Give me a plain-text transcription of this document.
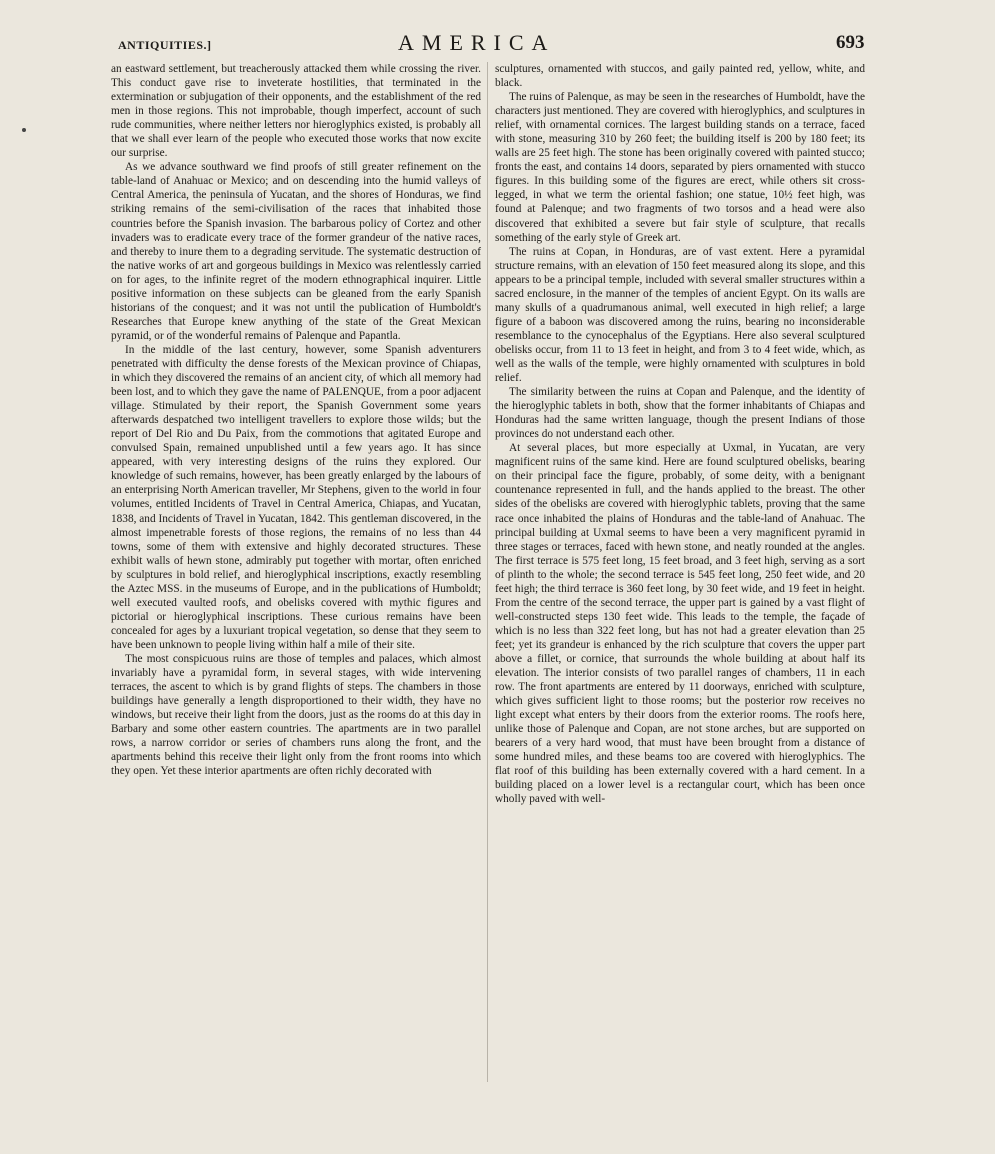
ANTIQUITIES.]	AMERICA	693

an eastward settlement, but treacherously attacked them while crossing the river. This conduct gave rise to inveterate hostilities, that terminated in the extermination or subjugation of their opponents, and the establishment of the red men in those regions. This not improbable, though imperfect, account of such rude communities, where neither letters nor hieroglyphics existed, is probably all that we shall ever learn of the people who executed those works that now excite our surprise.

As we advance southward we find proofs of still greater refinement on the table-land of Anahuac or Mexico; and on descending into the humid valleys of Central America, the peninsula of Yucatan, and the shores of Honduras, we find striking remains of the semi-civilisation of the races that inhabited those countries before the Spanish invasion. The barbarous policy of Cortez and other invaders was to eradicate every trace of the former grandeur of the native races, and thereby to inure them to a degrading servitude. The systematic destruction of the native works of art and gorgeous buildings in Mexico was relentlessly carried on for ages, to the infinite regret of the modern ethnographical inquirer. Little positive information on these subjects can be gleaned from the early Spanish historians of the conquest; and it was not until the publication of Humboldt's Researches that Europe knew anything of the state of the Great Mexican pyramid, or of the wonderful remains of Palenque and Papantla.

In the middle of the last century, however, some Spanish adventurers penetrated with difficulty the dense forests of the Mexican province of Chiapas, in which they discovered the remains of an ancient city, of which all memory had been lost, and to which they gave the name of PALENQUE, from a poor adjacent village. Stimulated by their report, the Spanish Government some years afterwards despatched two intelligent travellers to explore those wilds; but the report of Del Rio and Du Paix, from the commotions that agitated Europe and convulsed Spain, remained unpublished until a few years ago. It has since appeared, with very interesting designs of the ruins they explored. Our knowledge of such remains, however, has been greatly enlarged by the labours of an enterprising North American traveller, Mr Stephens, given to the world in four volumes, entitled Incidents of Travel in Central America, Chiapas, and Yucatan, 1838, and Incidents of Travel in Yucatan, 1842. This gentleman discovered, in the almost impenetrable forests of those regions, the remains of no less than 44 towns, some of them with extensive and highly decorated structures. These exhibit walls of hewn stone, admirably put together with mortar, often enriched by sculptures in bold relief, and hieroglyphical inscriptions, exactly resembling the Aztec MSS. in the museums of Europe, and in the publications of Humboldt; well executed vaulted roofs, and obelisks covered with mythic figures and pictorial or hieroglyphical inscriptions. These curious remains have been concealed for ages by a luxuriant tropical vegetation, so dense that they seem to have been unknown to people living within half a mile of their site.

The most conspicuous ruins are those of temples and palaces, which almost invariably have a pyramidal form, in several stages, with wide intervening terraces, the ascent to which is by grand flights of steps. The chambers in those buildings have generally a length disproportioned to their width, they have no windows, but receive their light from the doors, just as the rooms do at this day in Barbary and some other eastern countries. The apartments are in two parallel rows, a narrow corridor or series of chambers runs along the front, and the apartments behind this receive their light only from the front rooms into which they open. Yet these interior apartments are often richly decorated with

sculptures, ornamented with stuccos, and gaily painted red, yellow, white, and black.

The ruins of Palenque, as may be seen in the researches of Humboldt, have the characters just mentioned. They are covered with hieroglyphics, and sculptures in relief, with ornamental cornices. The largest building stands on a terrace, faced with stone, measuring 310 by 260 feet; the building itself is 200 by 180 feet; its walls are 25 feet high. The stone has been originally covered with painted stucco; fronts the east, and contains 14 doors, separated by piers ornamented with stucco figures. In this building some of the figures are erect, while others sit cross-legged, in what we term the oriental fashion; one statue, 10½ feet high, was found at Palenque; and two fragments of two torsos and a head were also discovered that exhibited a severe but fair style of sculpture, that recalls something of the early style of Greek art.

The ruins at Copan, in Honduras, are of vast extent. Here a pyramidal structure remains, with an elevation of 150 feet measured along its slope, and this appears to be a principal temple, included with several smaller structures within a sacred enclosure, in the manner of the temples of ancient Egypt. On its walls are many skulls of a quadrumanous animal, well executed in high relief; a large figure of a baboon was discovered among the ruins, bearing no inconsiderable resemblance to the cynocephalus of the Egyptians. Here also several sculptured obelisks occur, from 11 to 13 feet in height, and from 3 to 4 feet wide, which, as well as the walls of the temple, were highly ornamented with sculptures in bold relief.

The similarity between the ruins at Copan and Palenque, and the identity of the hieroglyphic tablets in both, show that the former inhabitants of Chiapas and Honduras had the same written language, though the present Indians of those provinces do not understand each other.

At several places, but more especially at Uxmal, in Yucatan, are very magnificent ruins of the same kind. Here are found sculptured obelisks, bearing on their principal face the figure, probably, of some deity, with a benignant countenance represented in full, and the hands applied to the breast. The other sides of the obelisks are covered with hieroglyphic tablets, proving that the same race once inhabited the plains of Honduras and the table-land of Anahuac. The principal building at Uxmal seems to have been a very magnificent pyramid in three stages or terraces, faced with hewn stone, and neatly rounded at the angles. The first terrace is 575 feet long, 15 feet broad, and 3 feet high, serving as a sort of plinth to the whole; the second terrace is 545 feet long, 250 feet wide, and 20 feet high; the third terrace is 360 feet long, by 30 feet wide, and 19 feet in height. From the centre of the second terrace, the upper part is gained by a vast flight of well-constructed steps 130 feet wide. This leads to the temple, the façade of which is no less than 322 feet long, but has not had a greater elevation than 25 feet; yet its grandeur is enhanced by the rich sculpture that covers the upper part above a fillet, or cornice, that surrounds the whole building at about half its elevation. The interior consists of two parallel ranges of chambers, 11 in each row. The front apartments are entered by 11 doorways, enriched with sculpture, which gives sufficient light to those rooms; but the posterior row receives no light except what enters by their doors from the exterior rooms. The roofs here, unlike those of Palenque and Copan, are not stone arches, but are supported on bearers of a very hard wood, that must have been brought from a distance of some hundred miles, and these beams too are covered with hieroglyphics. The flat roof of this building has been externally covered with a hard cement. In a building placed on a lower level is a rectangular court, which has been once wholly paved with well-
